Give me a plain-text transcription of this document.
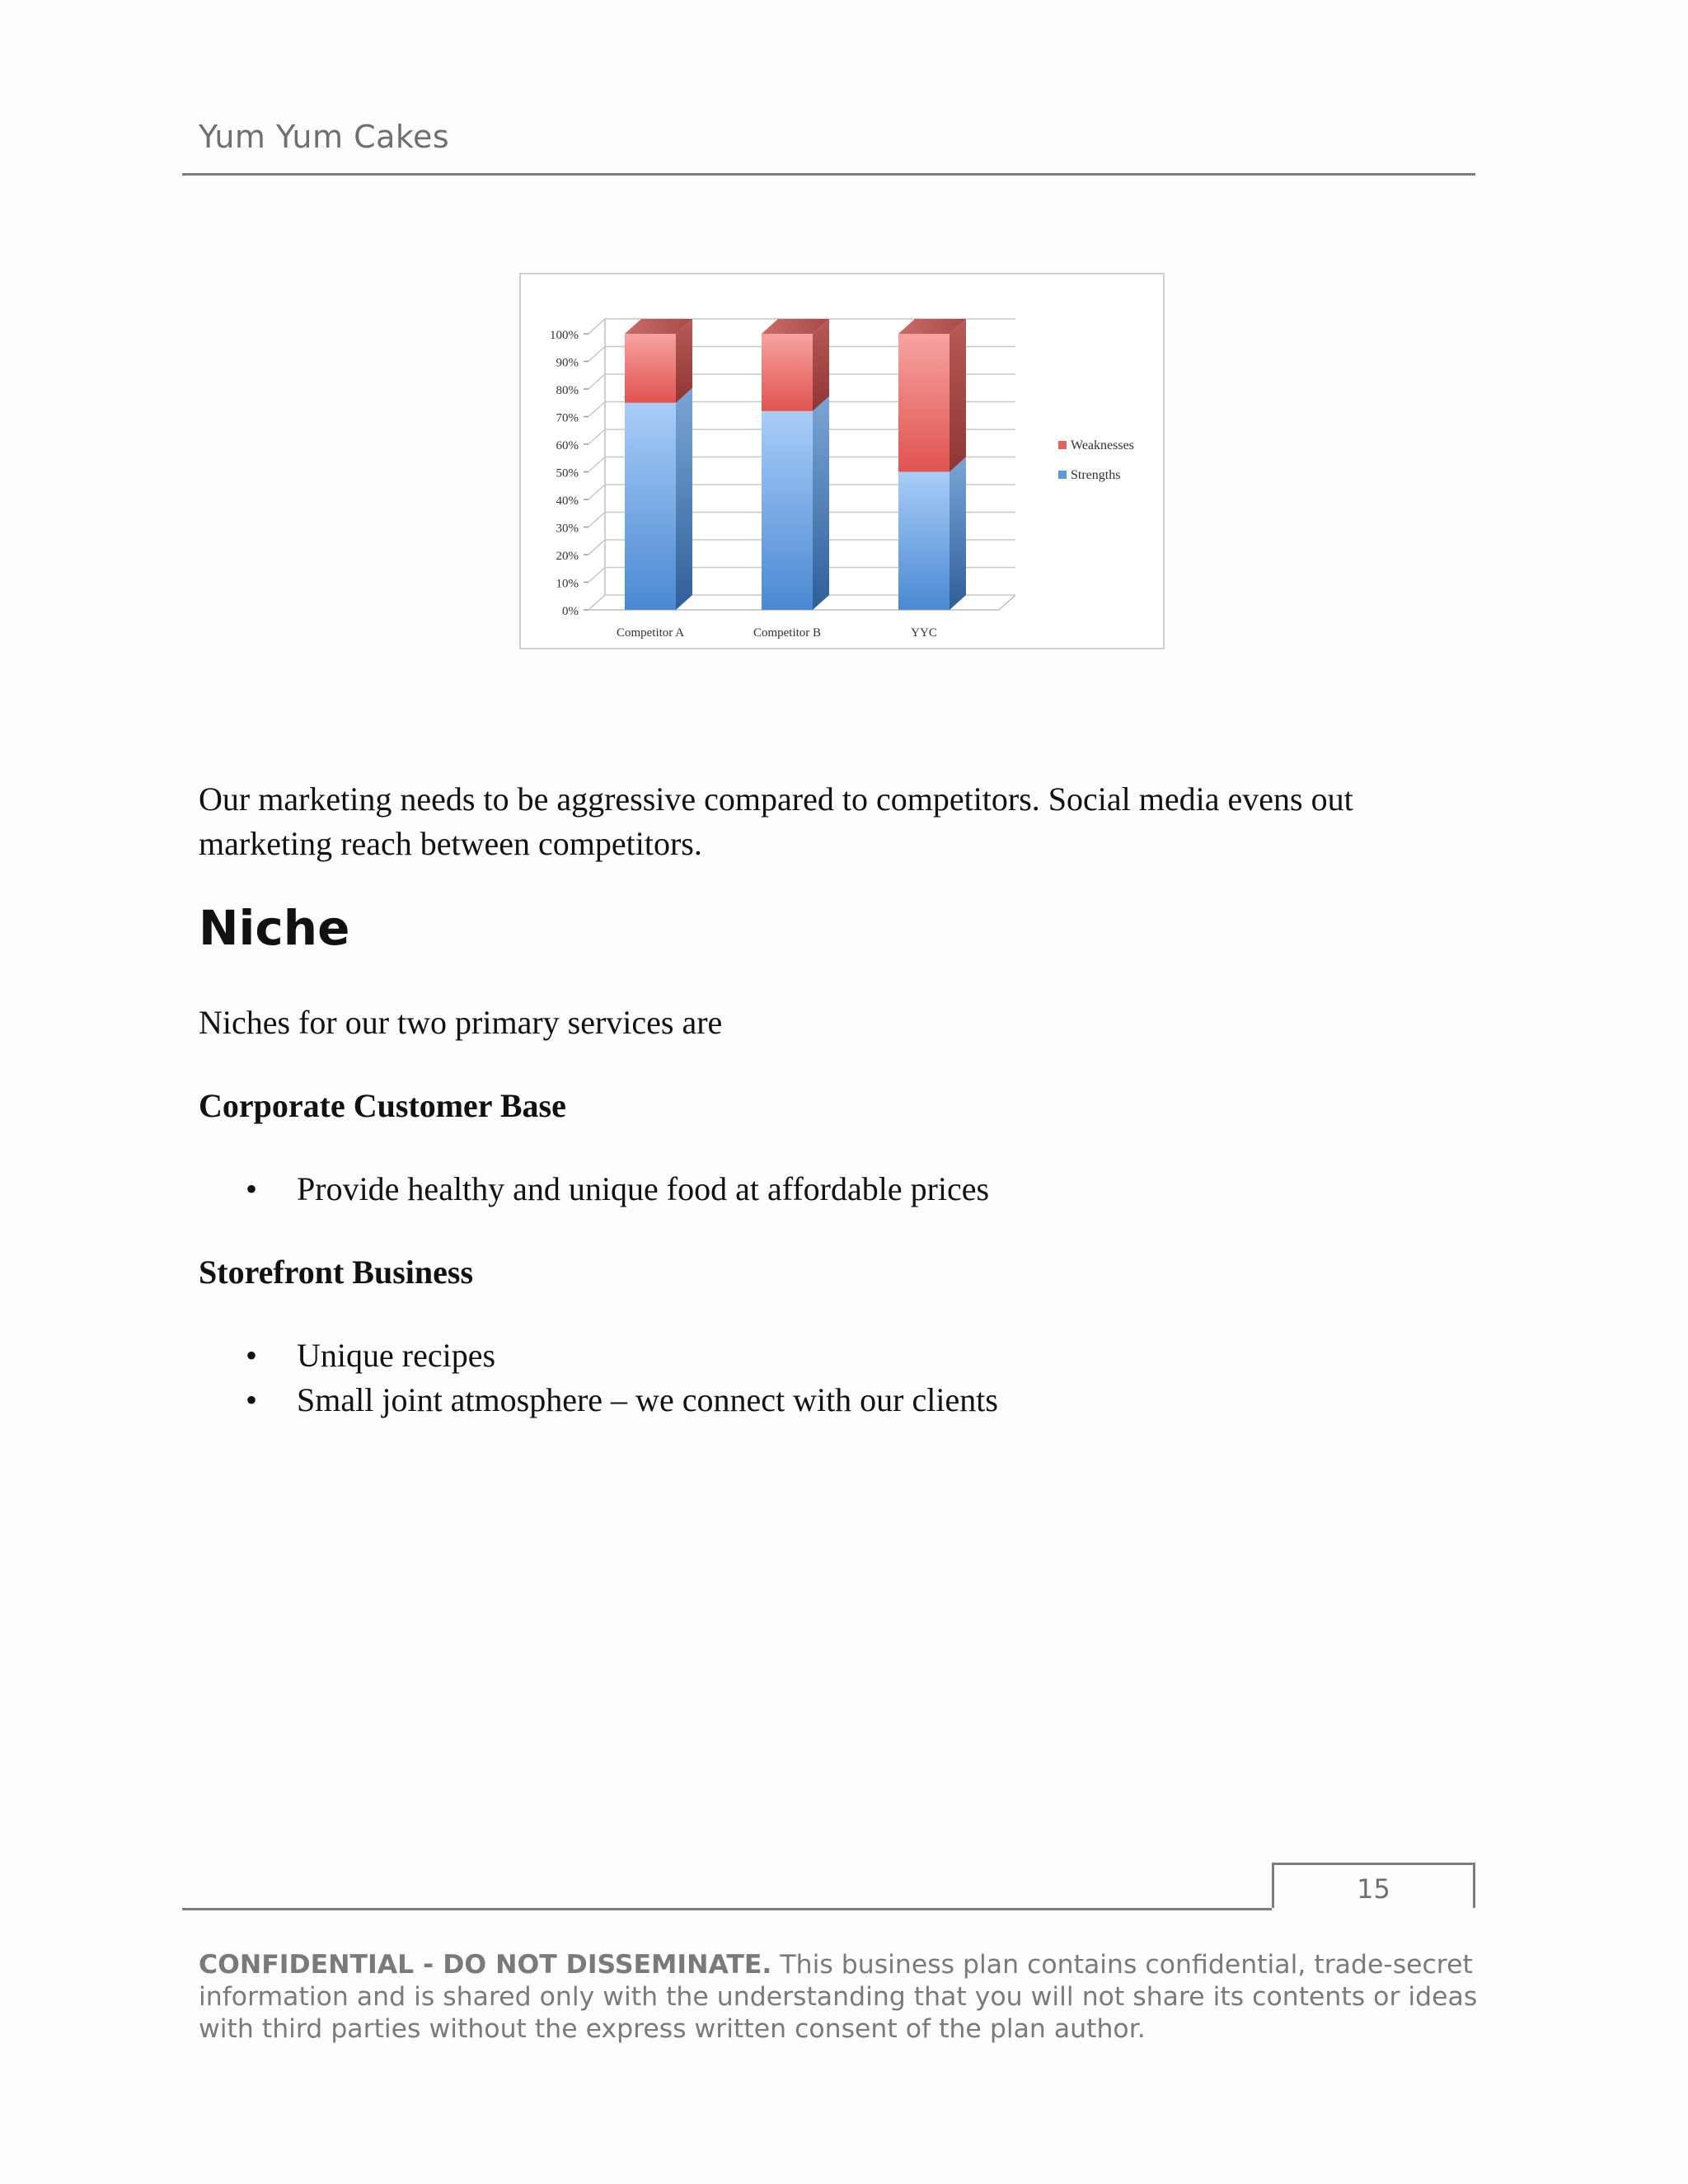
Yum Yum Cakes
0%
10%
20%
30%
40%
50%
60%
70%
80%
90%
100%
Competitor A	Competitor B	YYC
Weaknesses
Strengths
Our marketing needs to be aggressive compared to competitors. Social media evens out marketing reach between competitors.
Niche
Niches for our two primary services are
Corporate Customer Base
• Provide healthy and unique food at affordable prices
Storefront Business
• Unique recipes
• Small joint atmosphere – we connect with our clients
15
CONFIDENTIAL - DO NOT DISSEMINATE. This business plan contains confidential, trade-secret information and is shared only with the understanding that you will not share its contents or ideas with third parties without the express written consent of the plan author.
